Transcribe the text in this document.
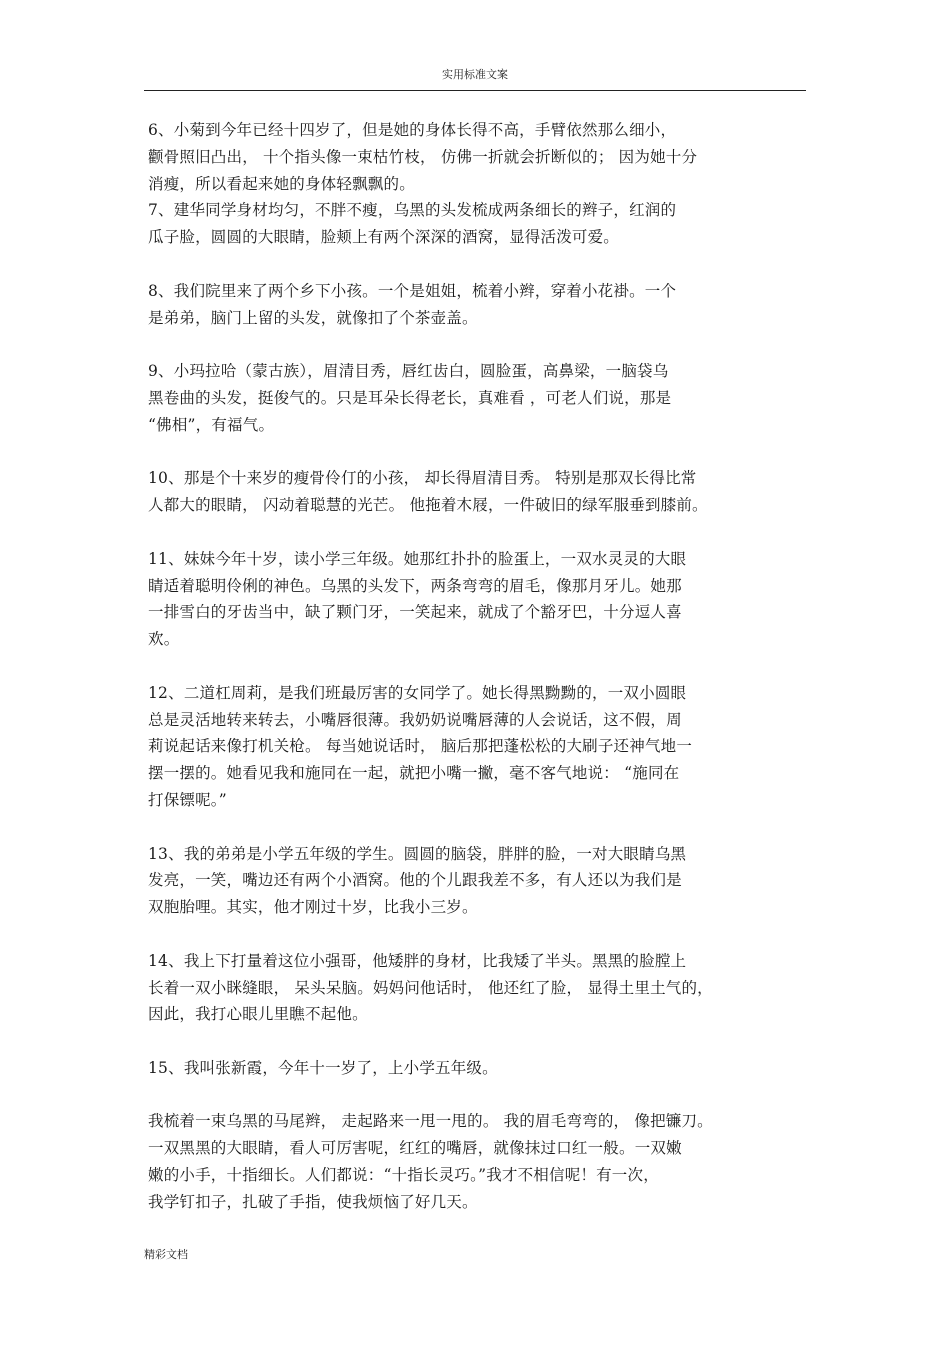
实用标准文案
6、小菊到今年已经十四岁了，但是她的身体长得不高，手臂依然那么细小，
颧骨照旧凸出， 十个指头像一束枯竹枝， 仿佛一折就会折断似的； 因为她十分
消瘦，所以看起来她的身体轻飘飘的。
7、建华同学身材均匀，不胖不瘦，乌黑的头发梳成两条细长的辫子，红润的
瓜子脸，圆圆的大眼睛，脸颊上有两个深深的酒窝，显得活泼可爱。
8、我们院里来了两个乡下小孩。一个是姐姐，梳着小辫，穿着小花褂。一个
是弟弟，脑门上留的头发，就像扣了个茶壶盖。
9、小玛拉哈（蒙古族），眉清目秀，唇红齿白，圆脸蛋，高鼻梁，一脑袋乌
黑卷曲的头发，挺俊气的。只是耳朵长得老长，真难看 ，可老人们说，那是
“佛相”，有福气。
10、那是个十来岁的瘦骨伶仃的小孩， 却长得眉清目秀。 特别是那双长得比常
人都大的眼睛， 闪动着聪慧的光芒。 他拖着木屐，一件破旧的绿军服垂到膝前。
11、妹妹今年十岁，读小学三年级。她那红扑扑的脸蛋上，一双水灵灵的大眼
睛适着聪明伶俐的神色。乌黑的头发下，两条弯弯的眉毛，像那月牙儿。她那
一排雪白的牙齿当中，缺了颗门牙，一笑起来，就成了个豁牙巴，十分逗人喜
欢。
12、二道杠周莉，是我们班最厉害的女同学了。她长得黑黝黝的，一双小圆眼
总是灵活地转来转去，小嘴唇很薄。我奶奶说嘴唇薄的人会说话，这不假，周
莉说起话来像打机关枪。 每当她说话时， 脑后那把蓬松松的大刷子还神气地一
摆一摆的。她看见我和施同在一起，就把小嘴一撇，毫不客气地说： “施同在
打保镖呢。”
13、我的弟弟是小学五年级的学生。圆圆的脑袋，胖胖的脸，一对大眼睛乌黑
发亮，一笑，嘴边还有两个小酒窝。他的个儿跟我差不多，有人还以为我们是
双胞胎哩。其实，他才刚过十岁，比我小三岁。
14、我上下打量着这位小强哥，他矮胖的身材，比我矮了半头。黑黑的脸膛上
长着一双小眯缝眼， 呆头呆脑。妈妈问他话时， 他还红了脸， 显得土里土气的，
因此，我打心眼儿里瞧不起他。
15、我叫张新霞，今年十一岁了，上小学五年级。
我梳着一束乌黑的马尾辫， 走起路来一甩一甩的。 我的眉毛弯弯的， 像把镰刀。
一双黑黑的大眼睛，看人可厉害呢，红红的嘴唇，就像抹过口红一般。一双嫩
嫩的小手，十指细长。人们都说：“十指长灵巧。”我才不相信呢！有一次，
我学钉扣子，扎破了手指，使我烦恼了好几天。
精彩文档
